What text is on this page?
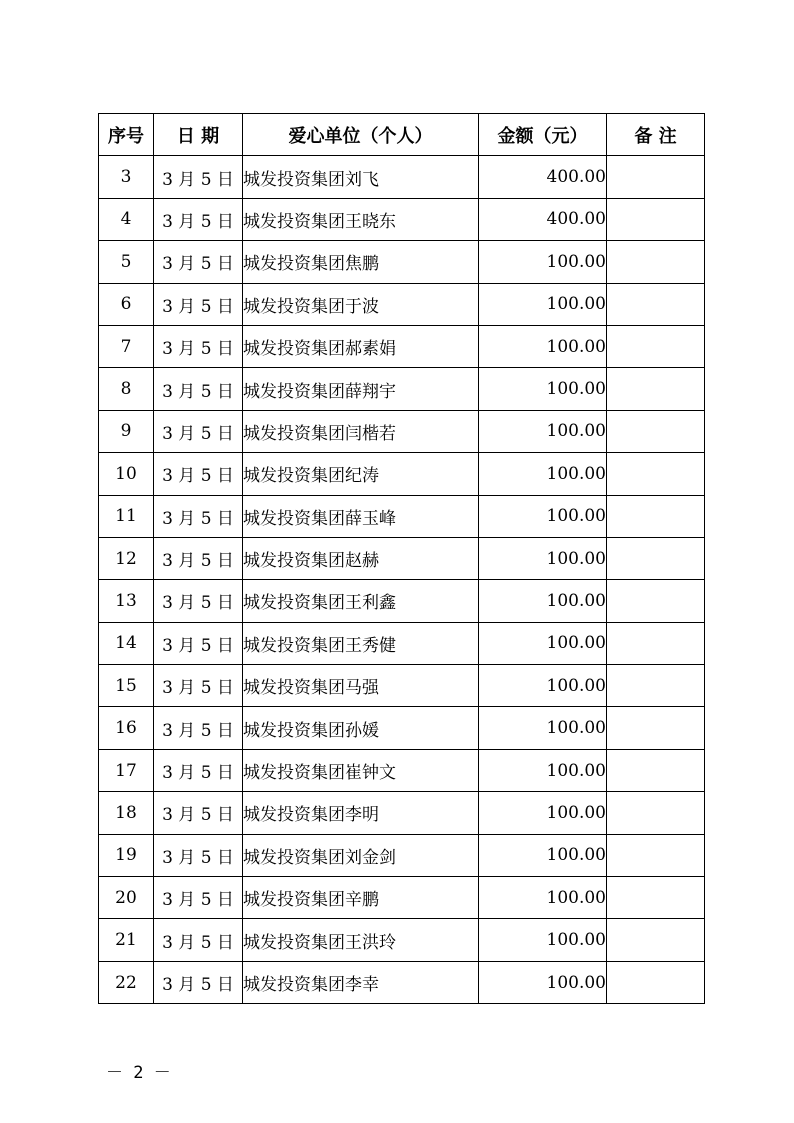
序号	日 期	爱心单位（个人）	金额（元）	备 注
3	3 月 5 日	城发投资集团刘飞	400.00	
4	3 月 5 日	城发投资集团王晓东	400.00	
5	3 月 5 日	城发投资集团焦鹏	100.00	
6	3 月 5 日	城发投资集团于波	100.00	
7	3 月 5 日	城发投资集团郝素娟	100.00	
8	3 月 5 日	城发投资集团薛翔宇	100.00	
9	3 月 5 日	城发投资集团闫楷若	100.00	
10	3 月 5 日	城发投资集团纪涛	100.00	
11	3 月 5 日	城发投资集团薛玉峰	100.00	
12	3 月 5 日	城发投资集团赵赫	100.00	
13	3 月 5 日	城发投资集团王利鑫	100.00	
14	3 月 5 日	城发投资集团王秀健	100.00	
15	3 月 5 日	城发投资集团马强	100.00	
16	3 月 5 日	城发投资集团孙媛	100.00	
17	3 月 5 日	城发投资集团崔钟文	100.00	
18	3 月 5 日	城发投资集团李明	100.00	
19	3 月 5 日	城发投资集团刘金剑	100.00	
20	3 月 5 日	城发投资集团辛鹏	100.00	
21	3 月 5 日	城发投资集团王洪玲	100.00	
22	3 月 5 日	城发投资集团李幸	100.00	
－ 2 －
